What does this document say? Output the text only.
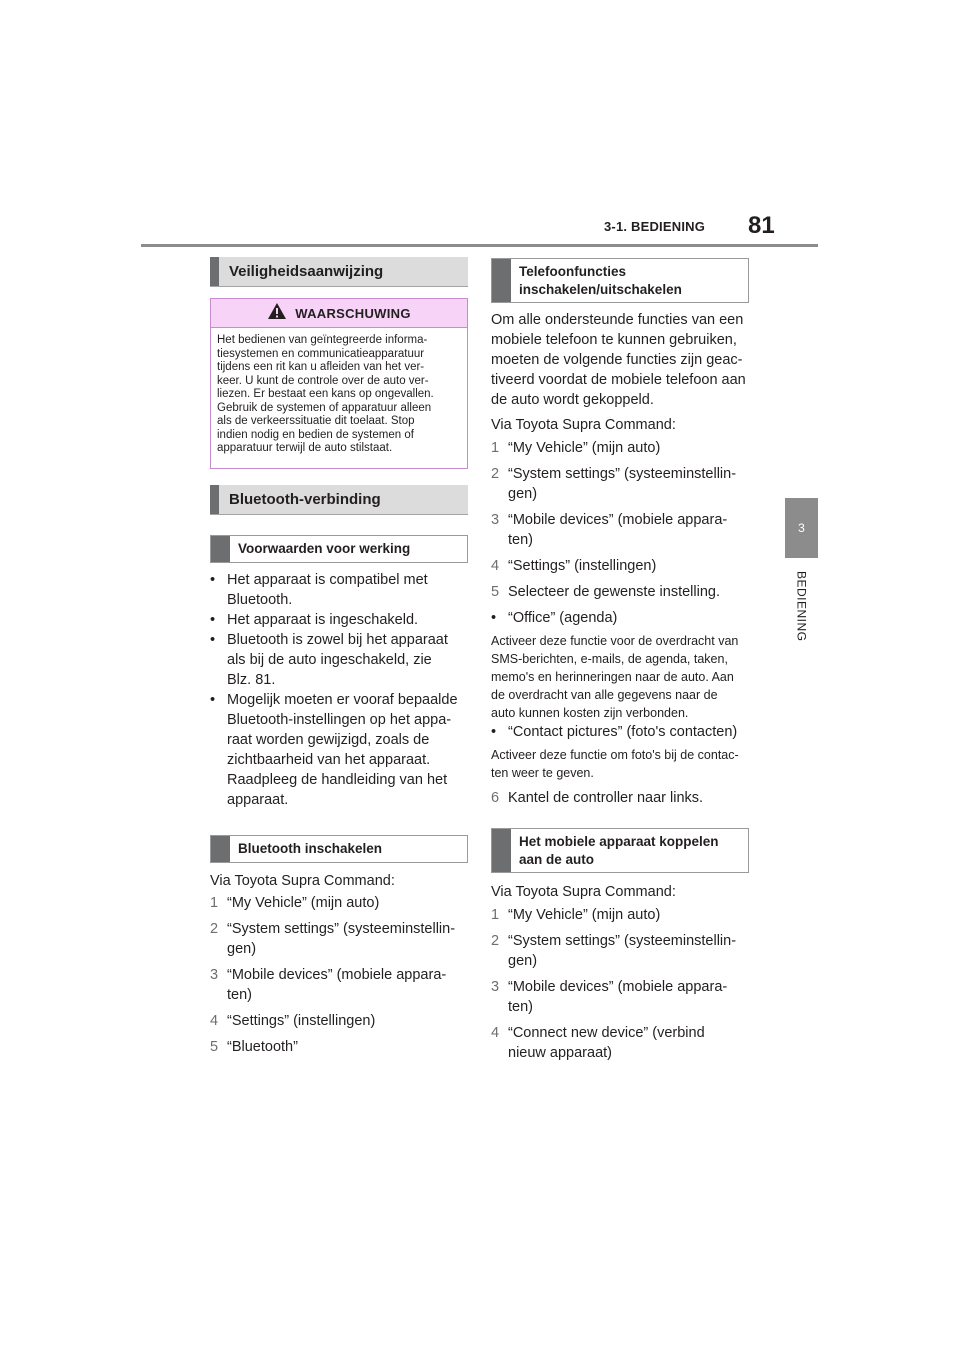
3-1. BEDIENING 81
3
BEDIENING
Veiligheidsaanwijzing
WAARSCHUWING
Het bedienen van geïntegreerde informa-
tiesystemen en communicatieapparatuur
tijdens een rit kan u afleiden van het ver-
keer. U kunt de controle over de auto ver-
liezen. Er bestaat een kans op ongevallen.
Gebruik de systemen of apparatuur alleen
als de verkeerssituatie dit toelaat. Stop
indien nodig en bedien de systemen of
apparatuur terwijl de auto stilstaat.
Bluetooth-verbinding
Voorwaarden voor werking
• Het apparaat is compatibel met
Bluetooth.
• Het apparaat is ingeschakeld.
• Bluetooth is zowel bij het apparaat
als bij de auto ingeschakeld, zie
Blz. 81.
• Mogelijk moeten er vooraf bepaalde
Bluetooth-instellingen op het appa-
raat worden gewijzigd, zoals de
zichtbaarheid van het apparaat.
Raadpleeg de handleiding van het
apparaat.
Bluetooth inschakelen
Via Toyota Supra Command:
1 “My Vehicle” (mijn auto)
2 “System settings” (systeeminstellin-
gen)
3 “Mobile devices” (mobiele appara-
ten)
4 “Settings” (instellingen)
5 “Bluetooth”
Telefoonfuncties
inschakelen/uitschakelen
Om alle ondersteunde functies van een
mobiele telefoon te kunnen gebruiken,
moeten de volgende functies zijn geac-
tiveerd voordat de mobiele telefoon aan
de auto wordt gekoppeld.
Via Toyota Supra Command:
1 “My Vehicle” (mijn auto)
2 “System settings” (systeeminstellin-
gen)
3 “Mobile devices” (mobiele appara-
ten)
4 “Settings” (instellingen)
5 Selecteer de gewenste instelling.
• “Office” (agenda)
Activeer deze functie voor de overdracht van
SMS-berichten, e-mails, de agenda, taken,
memo's en herinneringen naar de auto. Aan
de overdracht van alle gegevens naar de
auto kunnen kosten zijn verbonden.
• “Contact pictures” (foto's contacten)
Activeer deze functie om foto's bij de contac-
ten weer te geven.
6 Kantel de controller naar links.
Het mobiele apparaat koppelen
aan de auto
Via Toyota Supra Command:
1 “My Vehicle” (mijn auto)
2 “System settings” (systeeminstellin-
gen)
3 “Mobile devices” (mobiele appara-
ten)
4 “Connect new device” (verbind
nieuw apparaat)
